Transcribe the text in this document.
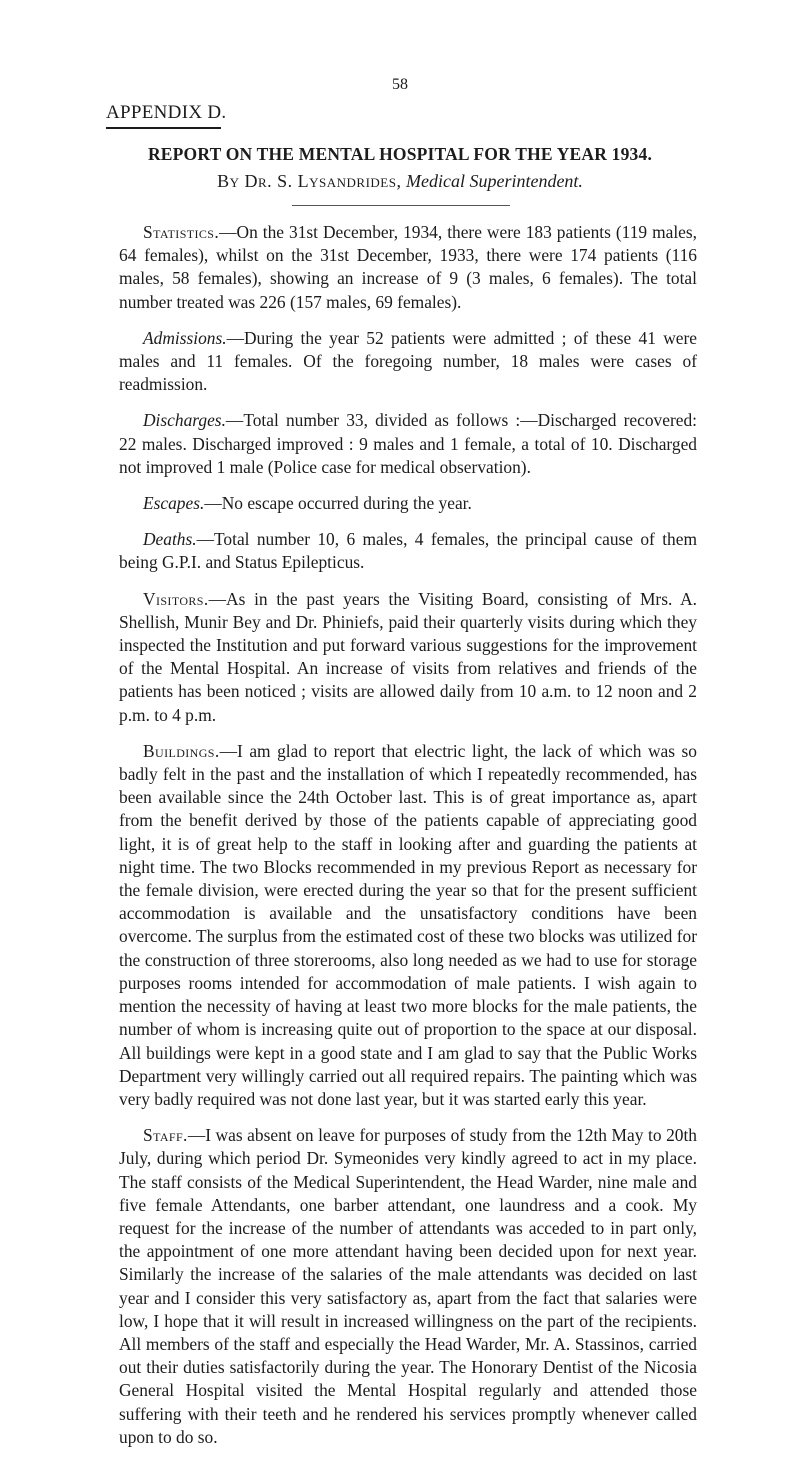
58
APPENDIX D.
REPORT ON THE MENTAL HOSPITAL FOR THE YEAR 1934.
By Dr. S. Lysandrides, Medical Superintendent.

Statistics.—On the 31st December, 1934, there were 183 patients (119 males, 64 females), whilst on the 31st December, 1933, there were 174 patients (116 males, 58 females), showing an increase of 9 (3 males, 6 females). The total number treated was 226 (157 males, 69 females).

Admissions.—During the year 52 patients were admitted ; of these 41 were males and 11 females. Of the foregoing number, 18 males were cases of readmission.

Discharges.—Total number 33, divided as follows :—Discharged recovered: 22 males. Discharged improved : 9 males and 1 female, a total of 10. Discharged not improved 1 male (Police case for medical observation).

Escapes.—No escape occurred during the year.

Deaths.—Total number 10, 6 males, 4 females, the principal cause of them being G.P.I. and Status Epilepticus.

Visitors.—As in the past years the Visiting Board, consisting of Mrs. A. Shellish, Munir Bey and Dr. Phiniefs, paid their quarterly visits during which they inspected the Institution and put forward various suggestions for the improvement of the Mental Hospital. An increase of visits from relatives and friends of the patients has been noticed ; visits are allowed daily from 10 a.m. to 12 noon and 2 p.m. to 4 p.m.

Buildings.—I am glad to report that electric light, the lack of which was so badly felt in the past and the installation of which I repeatedly recommended, has been available since the 24th October last. This is of great importance as, apart from the benefit derived by those of the patients capable of appreciating good light, it is of great help to the staff in looking after and guarding the patients at night time. The two Blocks recommended in my previous Report as necessary for the female division, were erected during the year so that for the present sufficient accommodation is available and the unsatisfactory conditions have been overcome. The surplus from the estimated cost of these two blocks was utilized for the construction of three storerooms, also long needed as we had to use for storage purposes rooms intended for accommodation of male patients. I wish again to mention the necessity of having at least two more blocks for the male patients, the number of whom is increasing quite out of proportion to the space at our disposal. All buildings were kept in a good state and I am glad to say that the Public Works Department very willingly carried out all required repairs. The painting which was very badly required was not done last year, but it was started early this year.

Staff.—I was absent on leave for purposes of study from the 12th May to 20th July, during which period Dr. Symeonides very kindly agreed to act in my place. The staff consists of the Medical Superintendent, the Head Warder, nine male and five female Attendants, one barber attendant, one laundress and a cook. My request for the increase of the number of attendants was acceded to in part only, the appointment of one more attendant having been decided upon for next year. Similarly the increase of the salaries of the male attendants was decided on last year and I consider this very satisfactory as, apart from the fact that salaries were low, I hope that it will result in increased willingness on the part of the recipients. All members of the staff and especially the Head Warder, Mr. A. Stassinos, carried out their duties satisfactorily during the year. The Honorary Dentist of the Nicosia General Hospital visited the Mental Hospital regularly and attended those suffering with their teeth and he rendered his services promptly whenever called upon to do so.
